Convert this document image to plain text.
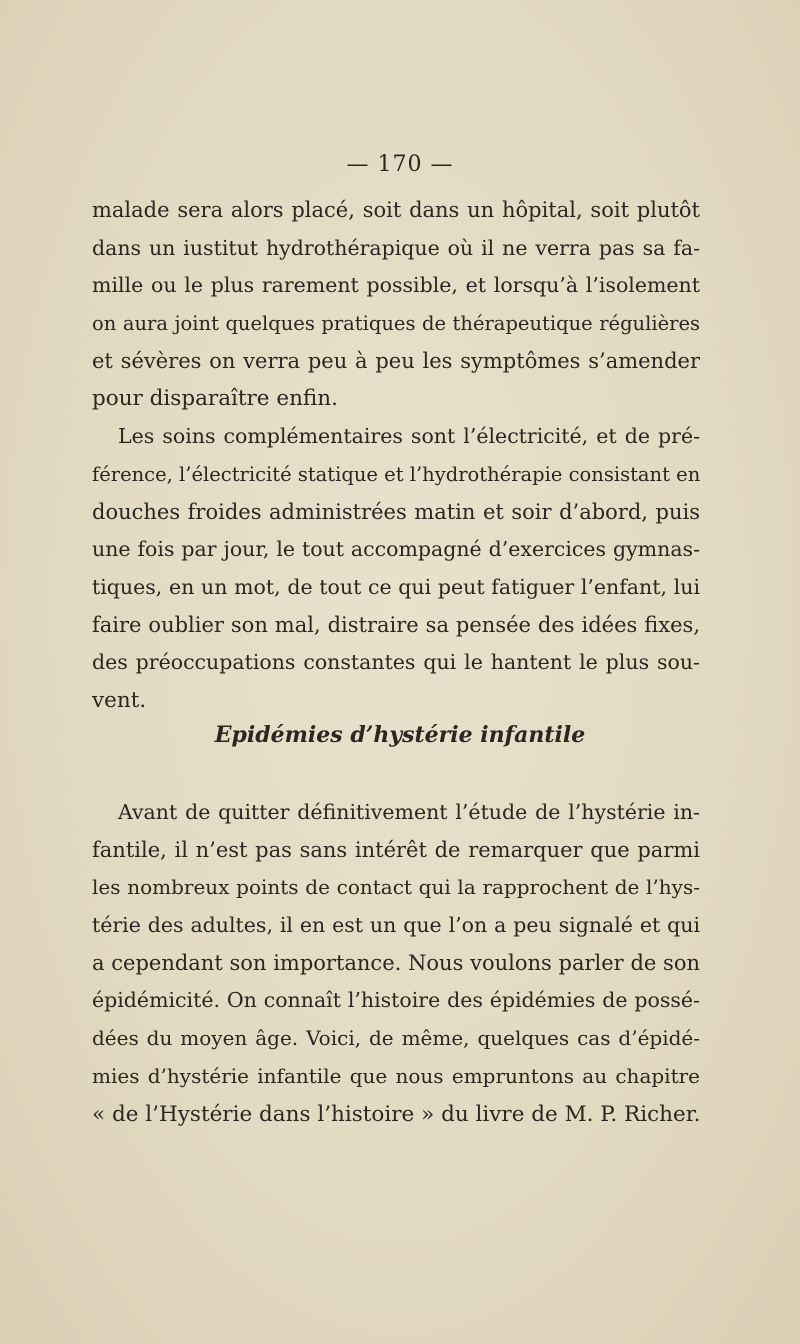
— 170 —
malade sera alors placé, soit dans un hôpital, soit plutôt
dans un iustitut hydrothérapique où il ne verra pas sa fa-
mille ou le plus rarement possible, et lorsqu’à l’isolement
on aura joint quelques pratiques de thérapeutique régulières
et sévères on verra peu à peu les symptômes s’amender
pour disparaître enfin.
Les soins complémentaires sont l’électricité, et de pré-
férence, l’électricité statique et l’hydrothérapie consistant en
douches froides administrées matin et soir d’abord, puis
une fois par jour, le tout accompagné d’exercices gymnas-
tiques, en un mot, de tout ce qui peut fatiguer l’enfant, lui
faire oublier son mal, distraire sa pensée des idées fixes,
des préoccupations constantes qui le hantent le plus sou-
vent.
Epidémies d’hystérie infantile
Avant de quitter définitivement l’étude de l’hystérie in-
fantile, il n’est pas sans intérêt de remarquer que parmi
les nombreux points de contact qui la rapprochent de l’hys-
térie des adultes, il en est un que l’on a peu signalé et qui
a cependant son importance. Nous voulons parler de son
épidémicité. On connaît l’histoire des épidémies de possé-
dées du moyen âge. Voici, de même, quelques cas d’épidé-
mies d’hystérie infantile que nous empruntons au chapitre
« de l’Hystérie dans l’histoire » du livre de M. P. Richer.
